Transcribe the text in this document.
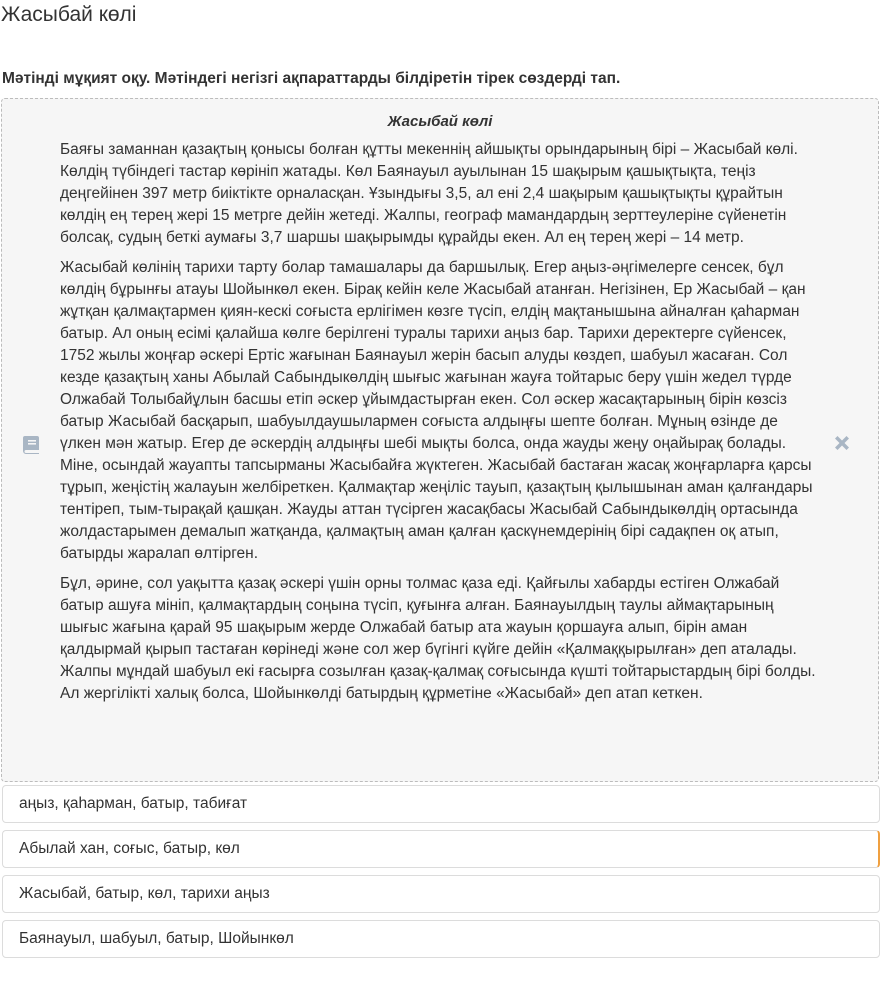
Жасыбай көлі

Мәтінді мұқият оқу. Мәтіндегі негізгі ақпараттарды білдіретін тірек сөздерді тап.

Жасыбай көлі

Баяғы заманнан қазақтың қонысы болған құтты мекеннің айшықты орындарының бірі – Жасыбай көлі. Көлдің түбіндегі тастар көрініп жатады. Көл Баянауыл ауылынан 15 шақырым қашықтықта, теңіз деңгейінен 397 метр биіктікте орналасқан. Ұзындығы 3,5, ал ені 2,4 шақырым қашықтықты құрайтын көлдің ең терең жері 15 метрге дейін жетеді. Жалпы, географ мамандардың зерттеулеріне сүйенетін болсақ, судың беткі аумағы 3,7 шаршы шақырымды құрайды екен. Ал ең терең жері – 14 метр.

Жасыбай көлінің тарихи тарту болар тамашалары да баршылық. Егер аңыз-әңгімелерге сенсек, бұл көлдің бұрынғы атауы Шойынкөл екен. Бірақ кейін келе Жасыбай атанған. Негізінен, Ер Жасыбай – қан жұтқан қалмақтармен қиян-кескі соғыста ерлігімен көзге түсіп, елдің мақтанышына айналған қаһарман батыр. Ал оның есімі қалайша көлге берілгені туралы тарихи аңыз бар. Тарихи деректерге сүйенсек, 1752 жылы жоңғар әскері Ертіс жағынан Баянауыл жерін басып алуды көздеп, шабуыл жасаған. Сол кезде қазақтың ханы Абылай Сабындыкөлдің шығыс жағынан жауға тойтарыс беру үшін жедел түрде Олжабай Толыбайұлын басшы етіп әскер ұйымдастырған екен. Сол әскер жасақтарының бірін көзсіз батыр Жасыбай басқарып, шабуылдаушылармен соғыста алдыңғы шепте болған. Мұның өзінде де үлкен мән жатыр. Егер де әскердің алдыңғы шебі мықты болса, онда жауды жеңу оңайырақ болады. Міне, осындай жауапты тапсырманы Жасыбайға жүктеген. Жасыбай бастаған жасақ жоңғарларға қарсы тұрып, жеңістің жалауын желбіреткен. Қалмақтар жеңіліс тауып, қазақтың қылышынан аман қалғандары тентіреп, тым-тырақай қашқан. Жауды аттан түсірген жасақбасы Жасыбай Сабындыкөлдің ортасында жолдастарымен демалып жатқанда, қалмақтың аман қалған қаскүнемдерінің бірі садақпен оқ атып, батырды жаралап өлтірген.

Бұл, әрине, сол уақытта қазақ әскері үшін орны толмас қаза еді. Қайғылы хабарды естіген Олжабай батыр ашуға мініп, қалмақтардың соңына түсіп, қуғынға алған. Баянауылдың таулы аймақтарының шығыс жағына қарай 95 шақырым жерде Олжабай батыр ата жауын қоршауға алып, бірін аман қалдырмай қырып тастаған көрінеді және сол жер бүгінгі күйге дейін «Қалмаққырылған» деп аталады. Жалпы мұндай шабуыл екі ғасырға созылған қазақ-қалмақ соғысында күшті тойтарыстардың бірі болды. Ал жергілікті халық болса, Шойынкөлді батырдың құрметіне «Жасыбай» деп атап кеткен.

аңыз, қаһарман, батыр, табиғат
Абылай хан, соғыс, батыр, көл
Жасыбай, батыр, көл, тарихи аңыз
Баянауыл, шабуыл, батыр, Шойынкөл
